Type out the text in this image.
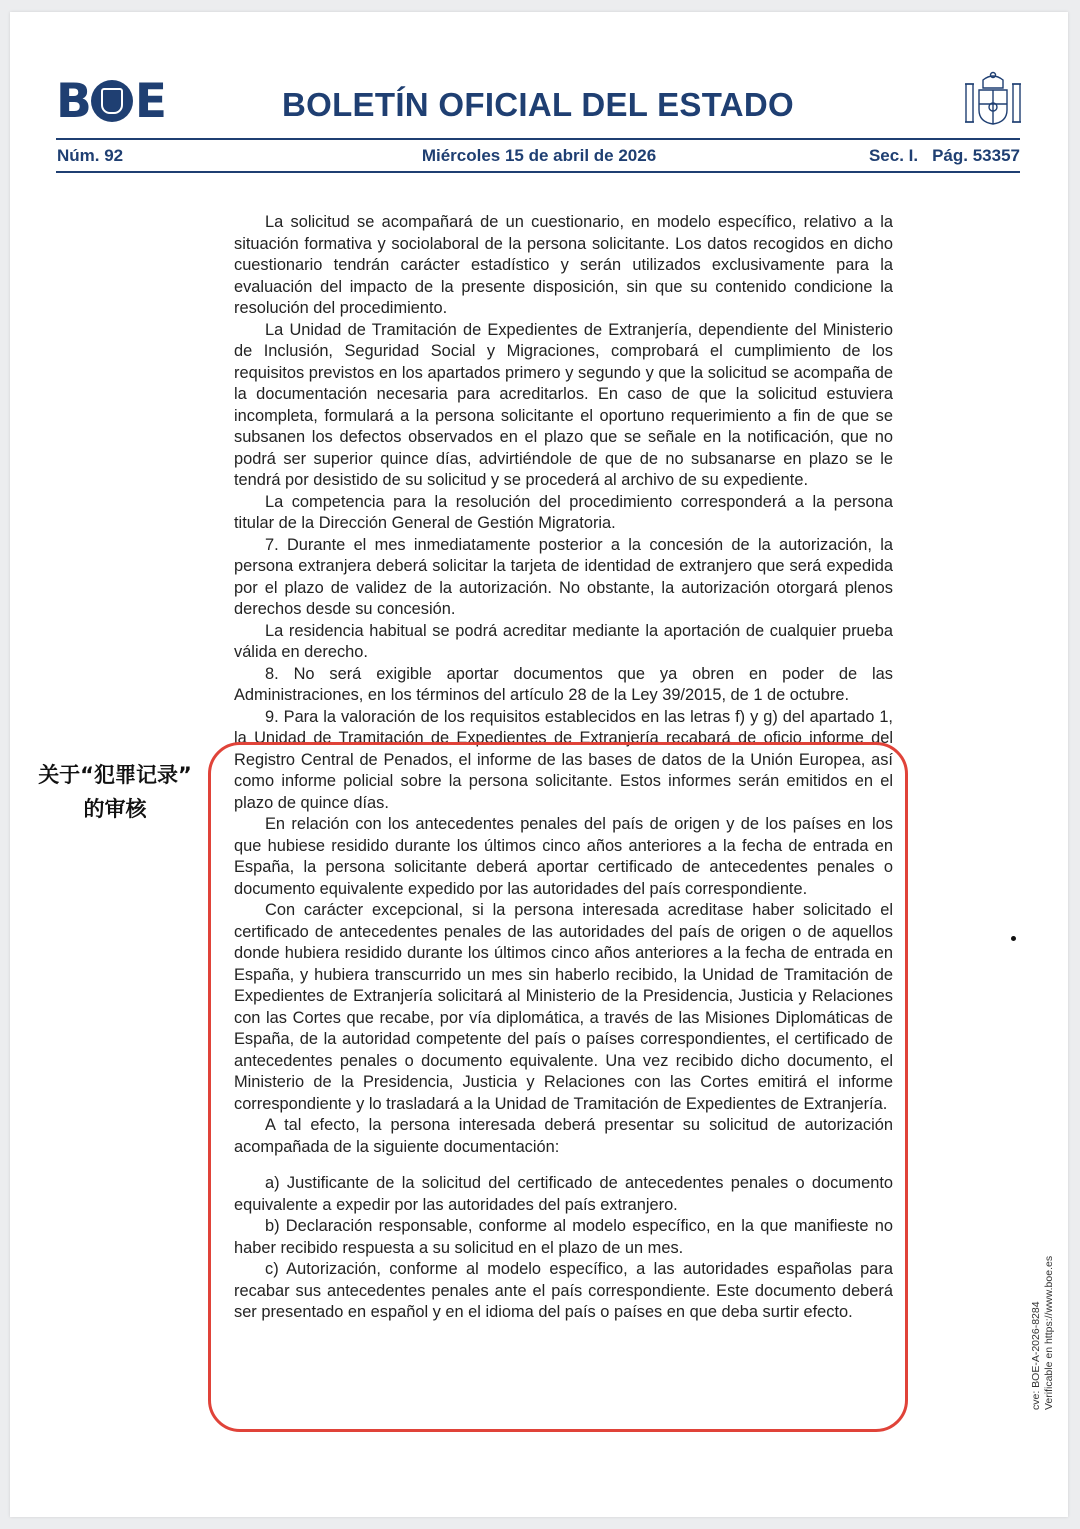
B E	BOLETÍN OFICIAL DEL ESTADO
Núm. 92	Miércoles 15 de abril de 2026	Sec. I. Pág. 53357

La solicitud se acompañará de un cuestionario, en modelo específico, relativo a la situación formativa y sociolaboral de la persona solicitante. Los datos recogidos en dicho cuestionario tendrán carácter estadístico y serán utilizados exclusivamente para la evaluación del impacto de la presente disposición, sin que su contenido condicione la resolución del procedimiento.

La Unidad de Tramitación de Expedientes de Extranjería, dependiente del Ministerio de Inclusión, Seguridad Social y Migraciones, comprobará el cumplimiento de los requisitos previstos en los apartados primero y segundo y que la solicitud se acompaña de la documentación necesaria para acreditarlos. En caso de que la solicitud estuviera incompleta, formulará a la persona solicitante el oportuno requerimiento a fin de que se subsanen los defectos observados en el plazo que se señale en la notificación, que no podrá ser superior quince días, advirtiéndole de que de no subsanarse en plazo se le tendrá por desistido de su solicitud y se procederá al archivo de su expediente.

La competencia para la resolución del procedimiento corresponderá a la persona titular de la Dirección General de Gestión Migratoria.

7. Durante el mes inmediatamente posterior a la concesión de la autorización, la persona extranjera deberá solicitar la tarjeta de identidad de extranjero que será expedida por el plazo de validez de la autorización. No obstante, la autorización otorgará plenos derechos desde su concesión.

La residencia habitual se podrá acreditar mediante la aportación de cualquier prueba válida en derecho.

8. No será exigible aportar documentos que ya obren en poder de las Administraciones, en los términos del artículo 28 de la Ley 39/2015, de 1 de octubre.

9. Para la valoración de los requisitos establecidos en las letras f) y g) del apartado 1, la Unidad de Tramitación de Expedientes de Extranjería recabará de oficio informe del Registro Central de Penados, el informe de las bases de datos de la Unión Europea, así como informe policial sobre la persona solicitante. Estos informes serán emitidos en el plazo de quince días.

En relación con los antecedentes penales del país de origen y de los países en los que hubiese residido durante los últimos cinco años anteriores a la fecha de entrada en España, la persona solicitante deberá aportar certificado de antecedentes penales o documento equivalente expedido por las autoridades del país correspondiente.

Con carácter excepcional, si la persona interesada acreditase haber solicitado el certificado de antecedentes penales de las autoridades del país de origen o de aquellos donde hubiera residido durante los últimos cinco años anteriores a la fecha de entrada en España, y hubiera transcurrido un mes sin haberlo recibido, la Unidad de Tramitación de Expedientes de Extranjería solicitará al Ministerio de la Presidencia, Justicia y Relaciones con las Cortes que recabe, por vía diplomática, a través de las Misiones Diplomáticas de España, de la autoridad competente del país o países correspondientes, el certificado de antecedentes penales o documento equivalente. Una vez recibido dicho documento, el Ministerio de la Presidencia, Justicia y Relaciones con las Cortes emitirá el informe correspondiente y lo trasladará a la Unidad de Tramitación de Expedientes de Extranjería.

A tal efecto, la persona interesada deberá presentar su solicitud de autorización acompañada de la siguiente documentación:

a) Justificante de la solicitud del certificado de antecedentes penales o documento equivalente a expedir por las autoridades del país extranjero.

b) Declaración responsable, conforme al modelo específico, en la que manifieste no haber recibido respuesta a su solicitud en el plazo de un mes.

c) Autorización, conforme al modelo específico, a las autoridades españolas para recabar sus antecedentes penales ante el país correspondiente. Este documento deberá ser presentado en español y en el idioma del país o países en que deba surtir efecto.

关于“犯罪记录”
的审核
cve: BOE-A-2026-8284 Verificable en https://www.boe.es
